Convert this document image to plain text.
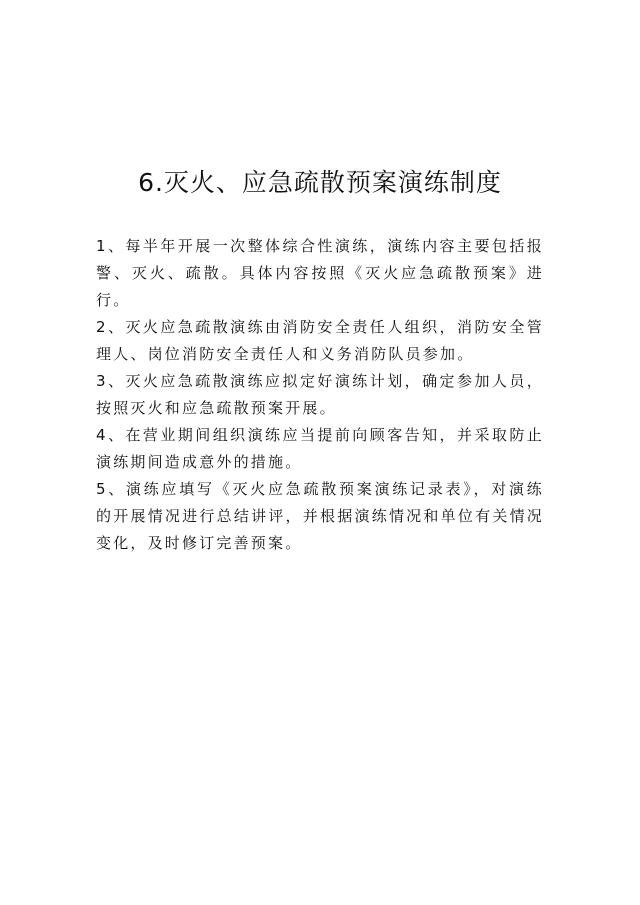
6.灭火、应急疏散预案演练制度

1、每半年开展一次整体综合性演练，演练内容主要包括报警、灭火、疏散。具体内容按照《灭火应急疏散预案》进行。

2、灭火应急疏散演练由消防安全责任人组织，消防安全管理人、岗位消防安全责任人和义务消防队员参加。

3、灭火应急疏散演练应拟定好演练计划，确定参加人员，按照灭火和应急疏散预案开展。

4、在营业期间组织演练应当提前向顾客告知，并采取防止演练期间造成意外的措施。

5、演练应填写《灭火应急疏散预案演练记录表》，对演练的开展情况进行总结讲评，并根据演练情况和单位有关情况变化，及时修订完善预案。
